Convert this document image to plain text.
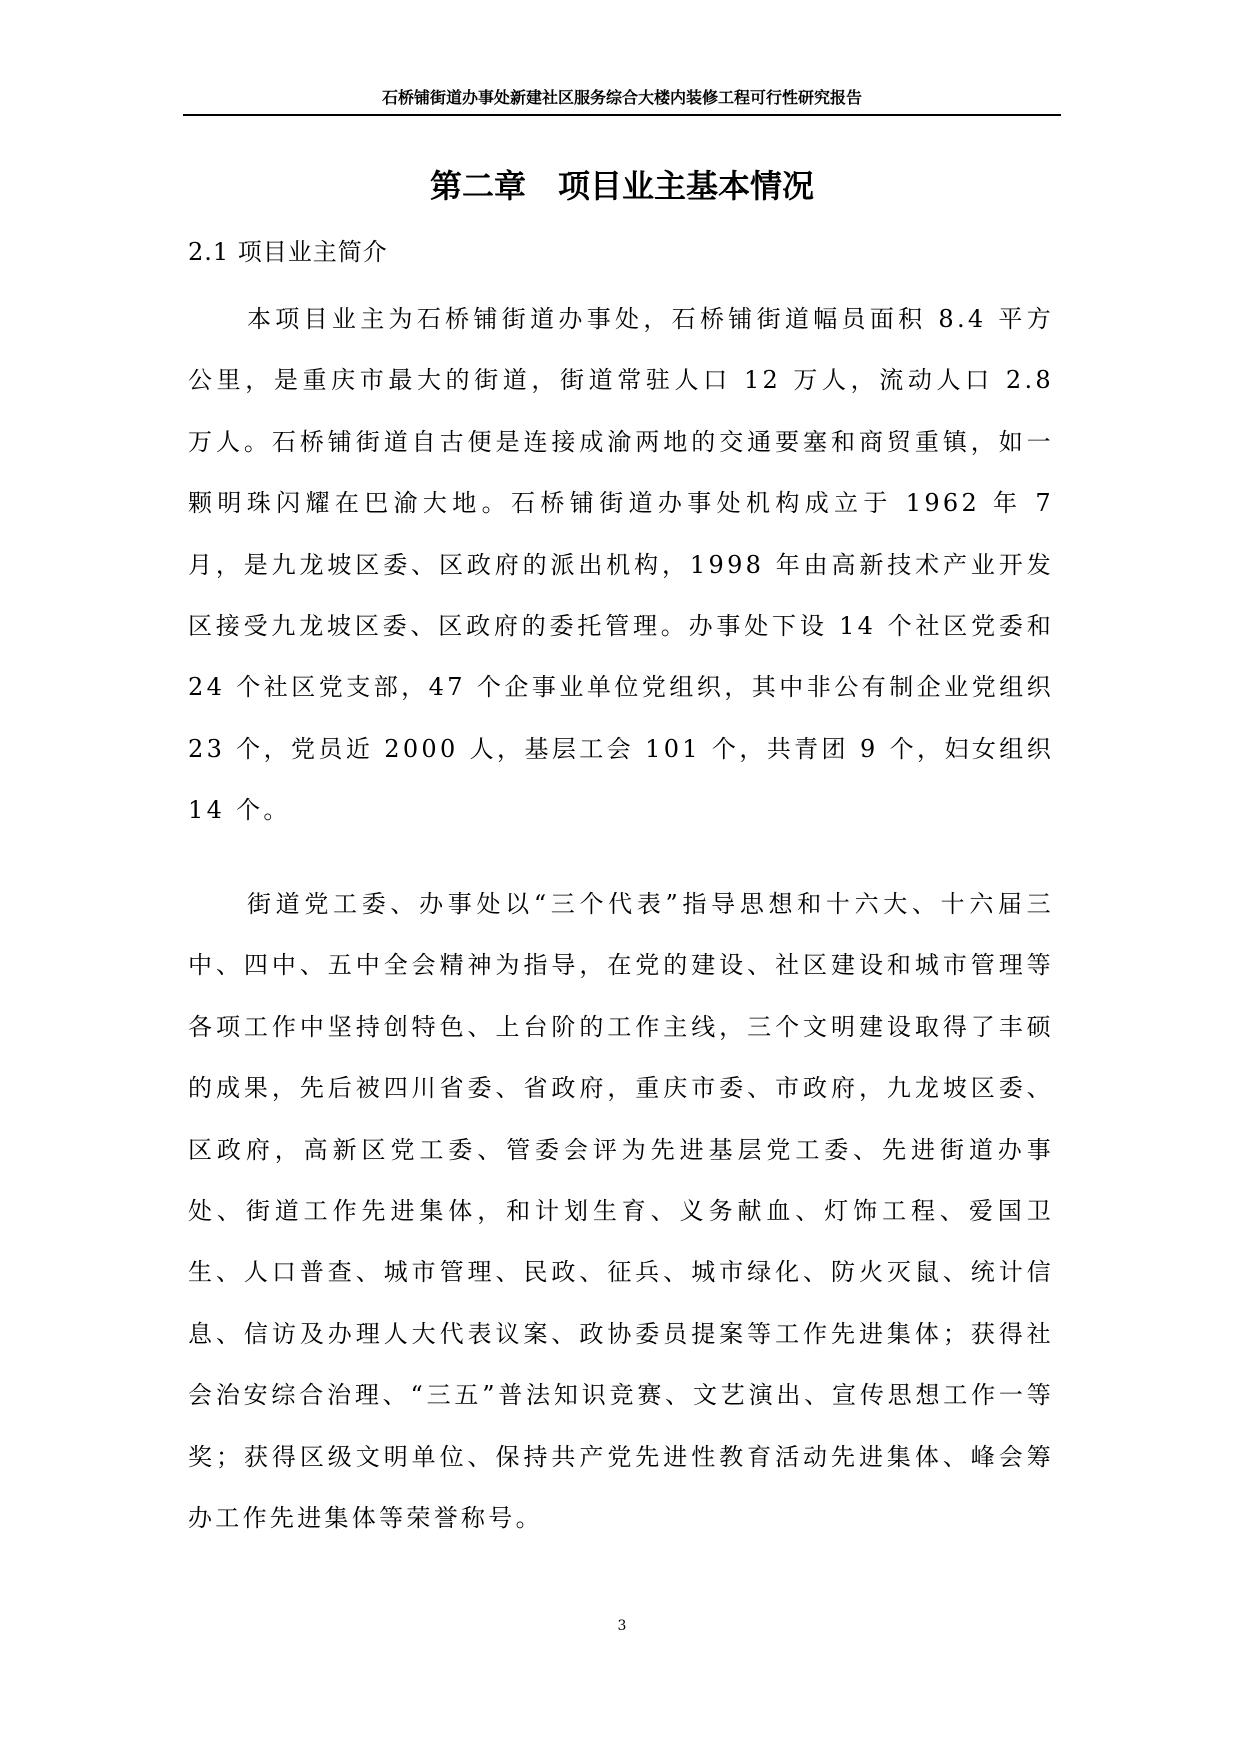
石桥铺街道办事处新建社区服务综合大楼内装修工程可行性研究报告
第二章　项目业主基本情况
2.1 项目业主简介

本项目业主为石桥铺街道办事处，石桥铺街道幅员面积 8.4 平方公里，是重庆市最大的街道，街道常驻人口 12 万人，流动人口 2.8 万人。石桥铺街道自古便是连接成渝两地的交通要塞和商贸重镇，如一颗明珠闪耀在巴渝大地。石桥铺街道办事处机构成立于 1962 年 7 月，是九龙坡区委、区政府的派出机构，1998 年由高新技术产业开发区接受九龙坡区委、区政府的委托管理。办事处下设 14 个社区党委和 24 个社区党支部，47 个企事业单位党组织，其中非公有制企业党组织 23 个，党员近 2000 人，基层工会 101 个，共青团 9 个，妇女组织 14 个。

街道党工委、办事处以“三个代表”指导思想和十六大、十六届三中、四中、五中全会精神为指导，在党的建设、社区建设和城市管理等各项工作中坚持创特色、上台阶的工作主线，三个文明建设取得了丰硕的成果，先后被四川省委、省政府，重庆市委、市政府，九龙坡区委、区政府，高新区党工委、管委会评为先进基层党工委、先进街道办事处、街道工作先进集体，和计划生育、义务献血、灯饰工程、爱国卫生、人口普查、城市管理、民政、征兵、城市绿化、防火灭鼠、统计信息、信访及办理人大代表议案、政协委员提案等工作先进集体；获得社会治安综合治理、“三五”普法知识竞赛、文艺演出、宣传思想工作一等奖；获得区级文明单位、保持共产党先进性教育活动先进集体、峰会筹办工作先进集体等荣誉称号。

3
